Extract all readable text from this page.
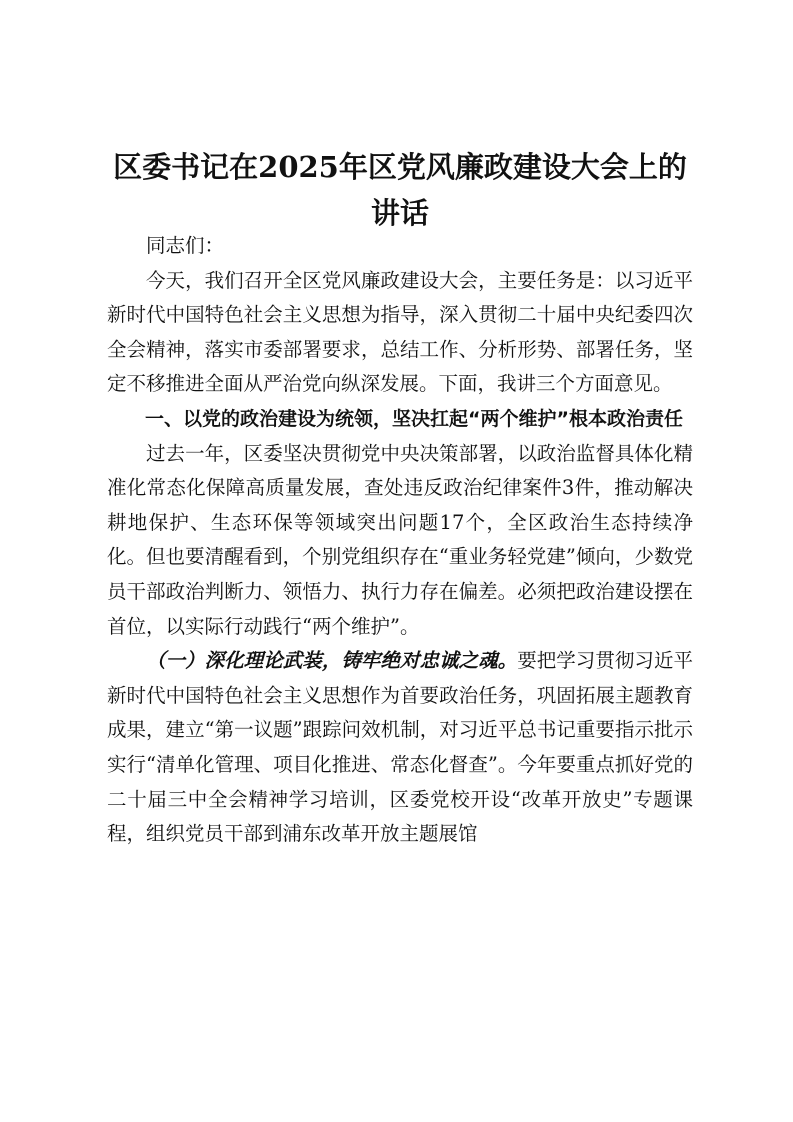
区委书记在2025年区党风廉政建设大会上的
讲话

同志们：

今天，我们召开全区党风廉政建设大会，主要任务是：以习近平新时代中国特色社会主义思想为指导，深入贯彻二十届中央纪委四次全会精神，落实市委部署要求，总结工作、分析形势、部署任务，坚定不移推进全面从严治党向纵深发展。下面，我讲三个方面意见。

一、以党的政治建设为统领，坚决扛起“两个维护”根本政治责任

过去一年，区委坚决贯彻党中央决策部署，以政治监督具体化精准化常态化保障高质量发展，查处违反政治纪律案件3件，推动解决耕地保护、生态环保等领域突出问题17个，全区政治生态持续净化。但也要清醒看到，个别党组织存在“重业务轻党建”倾向，少数党员干部政治判断力、领悟力、执行力存在偏差。必须把政治建设摆在首位，以实际行动践行“两个维护”。

（一）深化理论武装，铸牢绝对忠诚之魂。要把学习贯彻习近平新时代中国特色社会主义思想作为首要政治任务，巩固拓展主题教育成果，建立“第一议题”跟踪问效机制，对习近平总书记重要指示批示实行“清单化管理、项目化推进、常态化督查”。今年要重点抓好党的二十届三中全会精神学习培训，区委党校开设“改革开放史”专题课程，组织党员干部到浦东改革开放主题展馆
